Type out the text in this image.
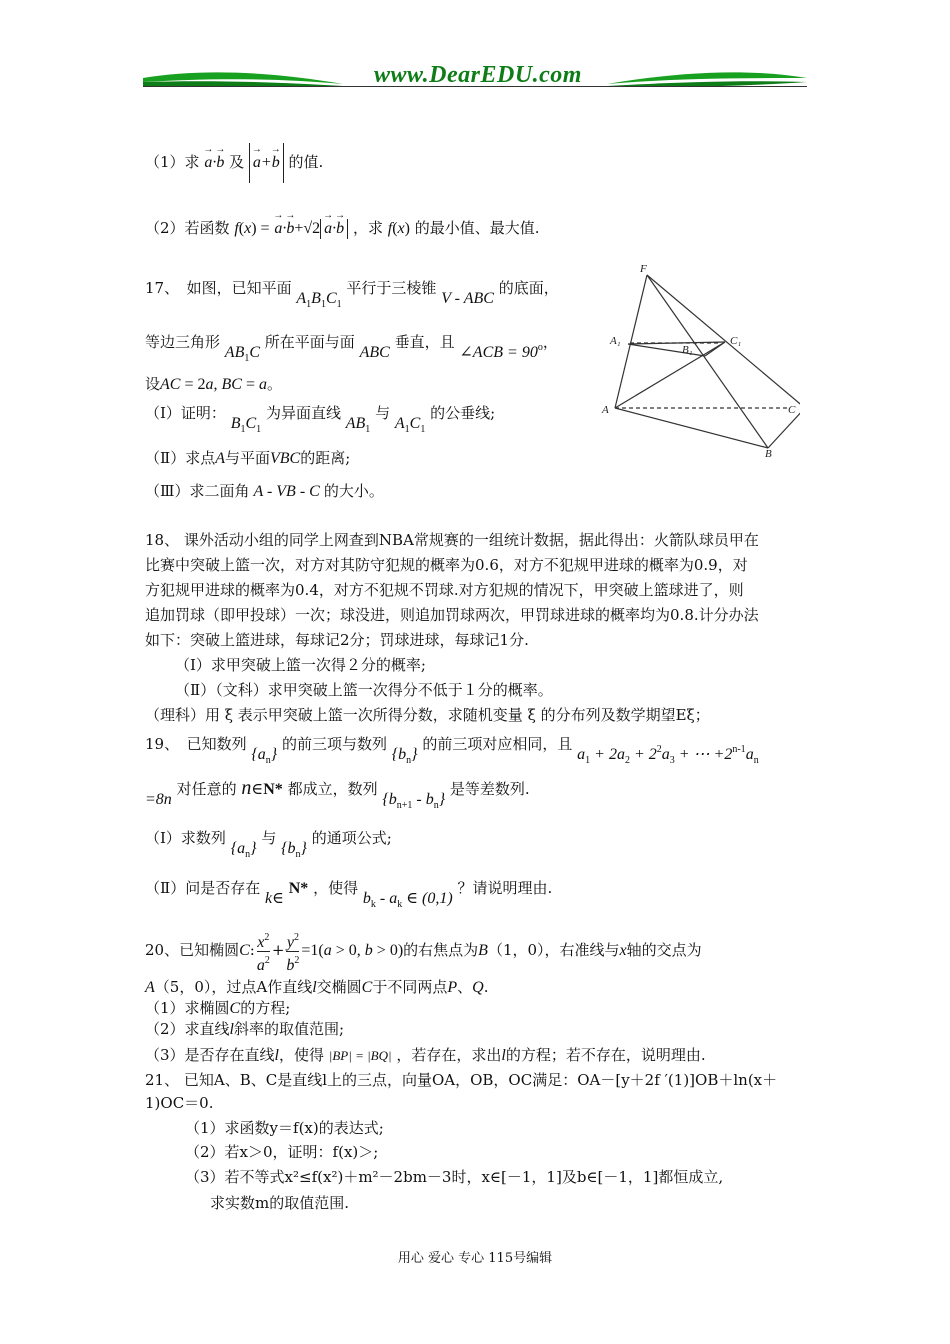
www.DearEDU.com
（1）求 → a·→ b 及 → a+→ b 的值.
（2）若函数 f(x) = → a·→ b+√2 → a·→ b ，求 f(x) 的最小值、最大值.
17、　如图，已知平面 $A_1B_1C_1$ 平行于三棱锥 V - ABC 的底面，
等边三角形 $AB_1C$ 所在平面与面 ABC 垂直，且 ∠ACB = $90^o$，
设AC = 2a, BC = a。
（Ⅰ）证明： $B_1C_1$ 为异面直线 $AB_1$ 与 $A_1C_1$ 的公垂线;
（Ⅱ）求点A与平面VBC的距离;
（Ⅲ）求二面角 A - VB - C 的大小。
F
A₁
B₁
C₁
A	C
B
18、 课外活动小组的同学上网查到NBA常规赛的一组统计数据，据此得出：火箭队球员甲在
比赛中突破上篮一次，对方对其防守犯规的概率为0.6，对方不犯规甲进球的概率为0.9，对
方犯规甲进球的概率为0.4，对方不犯规不罚球.对方犯规的情况下，甲突破上篮球进了，则
追加罚球（即甲投球）一次；球没进，则追加罚球两次，甲罚球进球的概率均为0.8.计分办法
如下：突破上篮进球，每球记2分；罚球进球，每球记1分.
（Ⅰ）求甲突破上篮一次得２分的概率;
（Ⅱ）（文科）求甲突破上篮一次得分不低于１分的概率。
（理科）用 ξ 表示甲突破上篮一次所得分数，求随机变量 ξ 的分布列及数学期望Eξ；
19、　已知数列 $\{a_n\}$ 的前三项与数列 $\{b_n\}$ 的前三项对应相同，且 $a_1 + 2a_2 + 2^2a_3$ + ⋯ $+2^{n-1}a_n$
=8n 对任意的 n∈N* 都成立，数列 $\{b_{n+1} - b_n\}$ 是等差数列.
（Ⅰ）求数列 $\{a_n\}$ 与 $\{b_n\}$ 的通项公式;
（Ⅱ）问是否存在 k∈ N* ，使得 $b_k - a_k$ ∈ (0,1) ？请说明理由.
20、已知椭圆C: $\frac{x^2}{a^2} + \frac{y^2}{b^2} =1(a > 0$, b > 0)的右焦点为B（1，0），右准线与x轴的交点为
A（5，0），过点A作直线l交椭圆C于不同两点P、Q.
（1）求椭圆C的方程;
（2）求直线l斜率的取值范围;
（3）是否存在直线l，使得 |BP| = |BQ| ，若存在，求出l的方程；若不存在，说明理由.
21、 已知A、B、C是直线l上的三点，向量OA，OB，OC满足：OA－[y＋2f ′(1)]OB＋ln(x＋
1)OC＝0.
（1）求函数y＝f(x)的表达式;
（2）若x＞0，证明：f(x)＞;
（3）若不等式x²≤f(x²)＋m²－2bm－3时，x∈[－1，1]及b∈[－1，1]都恒成立,
求实数m的取值范围.
用心 爱心 专心 115号编辑
